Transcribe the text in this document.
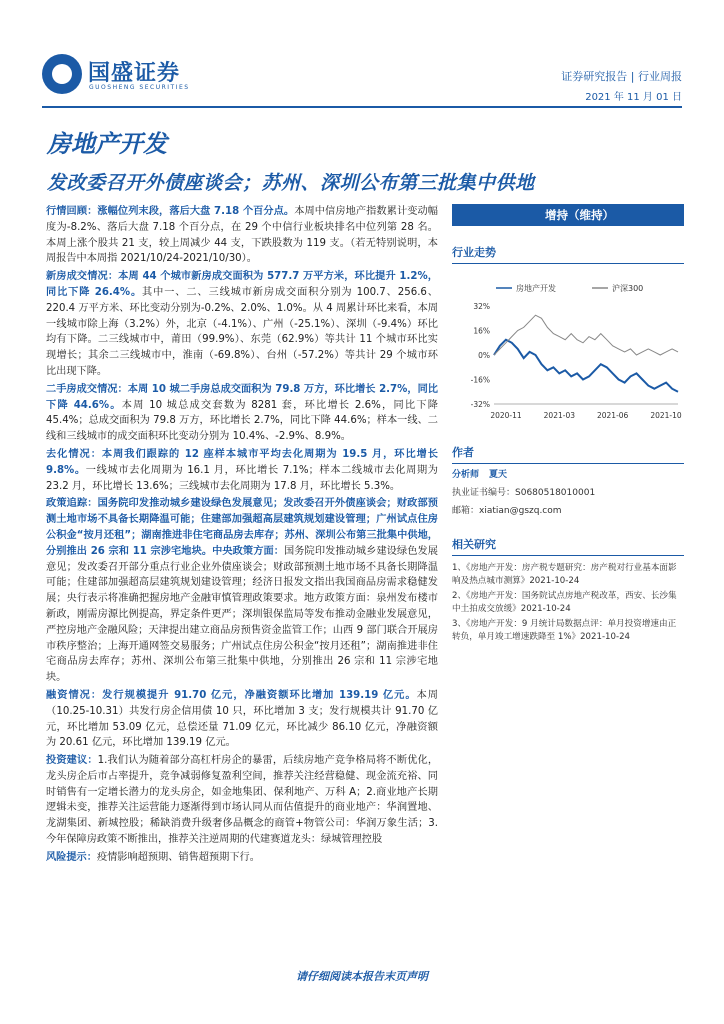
国盛证券
GUOSHENG SECURITIES
证券研究报告 | 行业周报
2021 年 11 月 01 日
房地产开发
发改委召开外债座谈会；苏州、深圳公布第三批集中供地

行情回顾：涨幅位列末段，落后大盘 7.18 个百分点。本周中信房地产指数累计变动幅度为-8.2%、落后大盘 7.18 个百分点，在 29 个中信行业板块排名中位列第 28 名。本周上涨个股共 21 支，较上周减少 44 支，下跌股数为 119 支。（若无特别说明，本周报告中本周指 2021/10/24-2021/10/30）。

新房成交情况：本周 44 个城市新房成交面积为 577.7 万平方米，环比提升 1.2%，同比下降 26.4%。其中一、二、三线城市新房成交面积分别为 100.7、256.6、220.4 万平方米、环比变动分别为-0.2%、2.0%、1.0%。从 4 周累计环比来看，本周一线城市除上海（3.2%）外，北京（-4.1%）、广州（-25.1%）、深圳（-9.4%）环比均有下降。二三线城市中，莆田（99.9%）、东莞（62.9%）等共计 11 个城市环比实现增长；其余二三线城市中，淮南（-69.8%）、台州（-57.2%）等共计 29 个城市环比出现下降。

二手房成交情况：本周 10 城二手房总成交面积为 79.8 万方，环比增长 2.7%，同比下降 44.6%。本周 10 城总成交套数为 8281 套，环比增长 2.6%，同比下降 45.4%；总成交面积为 79.8 万方，环比增长 2.7%，同比下降 44.6%；样本一线、二线和三线城市的成交面积环比变动分别为 10.4%、-2.9%、8.9%。

去化情况：本周我们跟踪的 12 座样本城市平均去化周期为 19.5 月，环比增长 9.8%。一线城市去化周期为 16.1 月，环比增长 7.1%；样本二线城市去化周期为 23.2 月，环比增长 13.6%；三线城市去化周期为 17.8 月，环比增长 5.3%。

政策追踪：国务院印发推动城乡建设绿色发展意见；发改委召开外债座谈会；财政部预测土地市场不具备长期降温可能；住建部加强超高层建筑规划建设管理；广州试点住房公积金“按月还租”；湖南推进非住宅商品房去库存；苏州、深圳公布第三批集中供地，分别推出 26 宗和 11 宗涉宅地块。中央政策方面：国务院印发推动城乡建设绿色发展意见；发改委召开部分重点行业企业外债座谈会；财政部预测土地市场不具备长期降温可能；住建部加强超高层建筑规划建设管理；经济日报发文指出我国商品房需求稳健发展；央行表示将准确把握房地产金融审慎管理政策要求。地方政策方面：泉州发布楼市新政，刚需房源比例提高，界定条件更严；深圳银保监局等发布推动金融业发展意见，严控房地产金融风险；天津提出建立商品房预售资金监管工作；山西 9 部门联合开展房市秩序整治；上海开通网签交易服务；广州试点住房公积金“按月还租”；湖南推进非住宅商品房去库存；苏州、深圳公布第三批集中供地，分别推出 26 宗和 11 宗涉宅地块。

融资情况：发行规模提升 91.70 亿元，净融资额环比增加 139.19 亿元。本周（10.25-10.31）共发行房企信用债 10 只，环比增加 3 支；发行规模共计 91.70 亿元，环比增加 53.09 亿元，总偿还量 71.09 亿元，环比减少 86.10 亿元，净融资额为 20.61 亿元，环比增加 139.19 亿元。

投资建议：1.我们认为随着部分高杠杆房企的暴雷，后续房地产竞争格局将不断优化，龙头房企后市占率提升，竞争减弱修复盈利空间，推荐关注经营稳健、现金流充裕、同时销售有一定增长潜力的龙头房企，如金地集团、保利地产、万科 A；2.商业地产长期逻辑未变，推荐关注运营能力逐渐得到市场认同从而估值提升的商业地产：华润置地、龙湖集团、新城控股；稀缺消费升级奢侈品概念的商管+物管公司：华润万象生活；3.今年保障房政策不断推出，推荐关注逆周期的代建赛道龙头：绿城管理控股

风险提示：疫情影响超预期、销售超预期下行。

增持（维持）
行业走势
房地产开发	沪深300
32%
16%
0%
-16%
-32%
2020-11	2021-03	2021-06	2021-10
作者
分析师 夏天
执业证书编号：S0680518010001
邮箱：xiatian@gszq.com
相关研究
1、《房地产开发：房产税专题研究：房产税对行业基本面影响及热点城市测算》2021-10-24
2、《房地产开发：国务院试点房地产税改革，西安、长沙集中土拍成交放缓》2021-10-24
3、《房地产开发：9 月统计局数据点评：单月投资增速由正转负，单月竣工增速跌降至 1%》2021-10-24
请仔细阅读本报告末页声明
